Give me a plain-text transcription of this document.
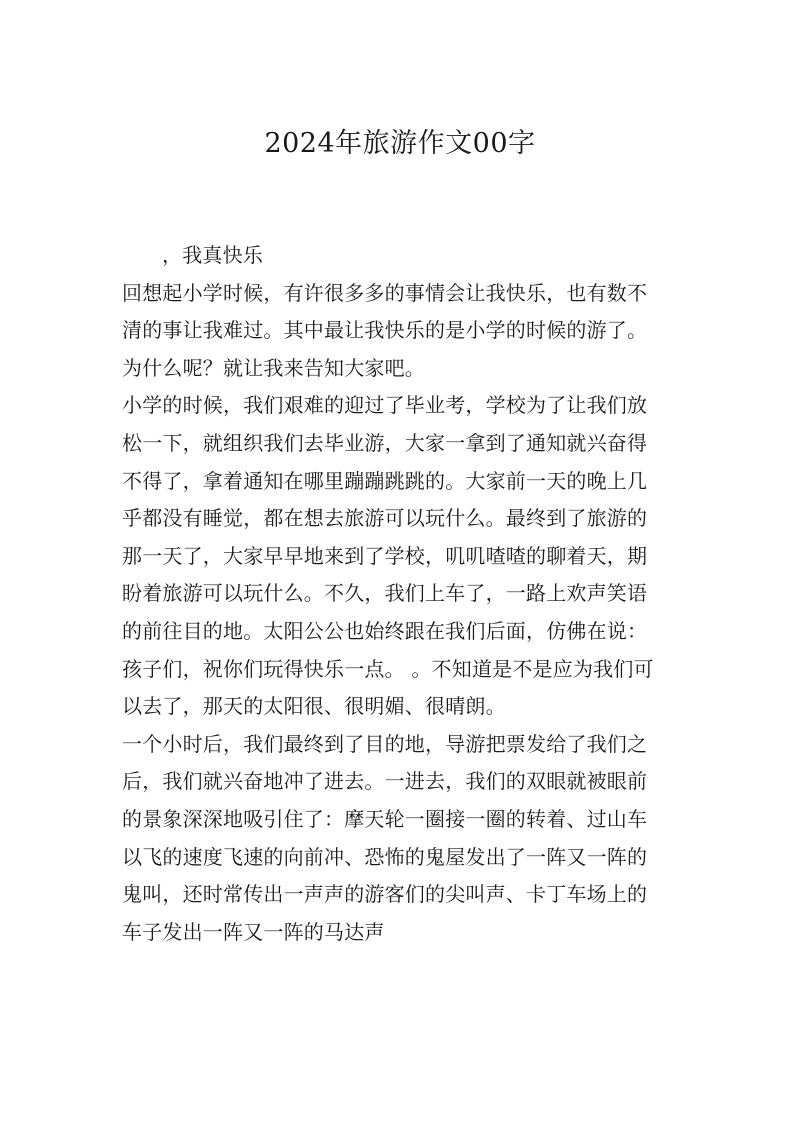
2024年旅游作文00字
，我真快乐
回想起小学时候，有许很多多的事情会让我快乐，也有数不
清的事让我难过。其中最让我快乐的是小学的时候的游了。
为什么呢？就让我来告知大家吧。
小学的时候，我们艰难的迎过了毕业考，学校为了让我们放
松一下，就组织我们去毕业游，大家一拿到了通知就兴奋得
不得了，拿着通知在哪里蹦蹦跳跳的。大家前一天的晚上几
乎都没有睡觉，都在想去旅游可以玩什么。最终到了旅游的
那一天了，大家早早地来到了学校，叽叽喳喳的聊着天，期
盼着旅游可以玩什么。不久，我们上车了，一路上欢声笑语
的前往目的地。太阳公公也始终跟在我们后面，仿佛在说：
孩子们，祝你们玩得快乐一点。 。不知道是不是应为我们可
以去了，那天的太阳很、很明媚、很晴朗。
一个小时后，我们最终到了目的地，导游把票发给了我们之
后，我们就兴奋地冲了进去。一进去，我们的双眼就被眼前
的景象深深地吸引住了：摩天轮一圈接一圈的转着、过山车
以飞的速度飞速的向前冲、恐怖的鬼屋发出了一阵又一阵的
鬼叫，还时常传出一声声的游客们的尖叫声、卡丁车场上的
车子发出一阵又一阵的马达声
